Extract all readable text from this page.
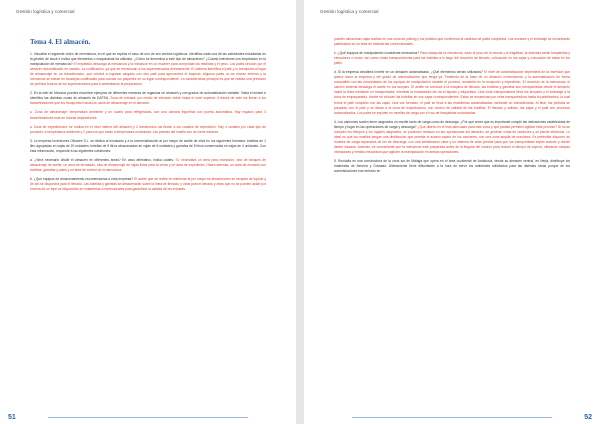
Gestión logística y comercial
Tema 4. El almacén.

1. Visualiza el siguiente vídeo de mercadona, en el que se explica el caso de uno de sus centros logísticos. Identifica cada una de las actividades estudiadas en la gestión de stock e indica que elementos o maquinarias ha utilizado. ¿Cómo se denomina a este tipo de almacenes? ¿Cuánto intervienen los empleados en la manipulación de mercancía? El empleado descarga la mercancía y la introduce en un escáner para comprobar las medidas y el peso. Los palés circulan por el almacén automatizado en cambio. La codificación, ya que se mencionan a los supermercados directamente. El sistema identifica el palé y lo transporta al lugar de almacenaje en un transelevador, que volverá a ingresar cargado con otro palé para aprovechar el trayecto. Algunos palés no se envían enteros y la mercancía se extrae en bandejas codificadas para colocar los paquetes en su lugar correspondiente. La característica principal es que se realiza una previsión de pedidos futuros de los supermercados para ir adelantando la preparación.

2. En la web de Mecalux puedes encontrar ejemplos de diferentes maneras de organizar un almacén y con grados de automatización variable. Visita el enlace e identifica las distintas zonas de almacén de DAFSA. Zona de entrada: por medio de elevador doble hasta el nivel superior. A través de este los llevan a los transelevadores que los transportan hasta los racks de almacenaje en el almacén.

● Zona de almacenaje: temperatura ambiente y un cuarto para refrigerados, con una cámara frigorífica con puerta automática. Hay espacio para 3 transelevadores más en futuras ampliaciones.

● Zona de expediciones: se realiza en el nivel inferior del almacén y 2 transbordos los llevan a los canales de expedición. Hay 4 canales por cada tipo de producto: a temperatura ambiente y 2 para los que están a temperatura controlada. Las puertas del muelle son de cierre estanco.

3. La empresa Inversiones Olivares S.L. se dedica al envasado y a la comercialización al por mayor de aceite de oliva en los siguientes formatos: botellas de 1 litro agrupadas en cajas de 20 unidades; botellas de 5 litros almacenadas en cajas de 6 unidades y garrafas de 5 litros conservadas en cajas de 4 unidades. Con esta información, responde a las siguientes cuestiones:

a. ¿Será necesario dividir el almacén en diferentes áreas? En caso afirmativo, indica cuáles. Sí, necesitará un área para recepción, otra de tanques de almacenaje de aceite, un área de envasado, otra de almacenaje de cajas listas para la venta y un área de expedición. Habrá además, un área de envases con botellas, garrafas y palés y un área de control de la mercancía.

b. ¿Qué equipos de almacenamiento recomendarías a esta empresa? El aceite que se recibe en cisternas al por mayor se almacenarán en tanques de líquido y de ahí se dispondrá para el llenado. Las botellas y garrafas se almacenarán sobre la línea de llenado, y otras para el llenado y otras que no se pueden apilar por encima de un tope se dispondrán en estanterías convencionales para garantizar la calidad de los envases.

51
Gestión logística y comercial

pueden almacenar cajas sueltas en una zona de picking y los pedidos que conforman la cantidad de palés completos. Los envases y el embalaje se encontrarán paletizados en un área de estanterías convencionales.

c. ¿Qué equipos de manipulación consideras necesarios? Para manipular la mercancía, dado el peso de la misma y la fragilidad, la obtenida serán traspaletas y elevadores o motor, así como cintas transportadoras para las botellas a lo largo del recorrido de llenado, colocación en las cajas y colocación de estas en los palés.

d. Si la empresa decidiera invertir en un almacén automatizado, ¿Qué elementos serían utilizados? El nivel de automatización dependerá de la inversión que quiera hacer la empresa y del grado de automatización que tenga ya. Partiendo de la base de un almacén convencional, y la automatización de forma compatible con las necesidades de los equipos de manipulación durante el proceso, aumentar en la recepción y expedición. El recorrido de la mercancía: el camión cisterna descarga el aceite en los tanques. El aceite se conduce a la máquina de llenado, las botellas y garrafas son transportadas desde el almacén hasta la línea mediante un transportador, mientras la envasadora les da el tapado y etiquetado. Una cinta transportadora lleva los envases y el embalaje a la zona de empaquetado, donde se colocan las botellas en sus cajas correspondientes. Estas se encaminan por cinta transportadora hasta la paletizadora, la cual forma el palé completo con las cajas. Una vez formado, el palé se lleva a las estanterías automatizadas mediante un transelevador. Al final, los pedidos se preparan con el palé y se llevan a la zona de expediciones, con control de calidad de las botellas. El llenado y sellado, las cajas y el palé son procesos automatizados. Los palés se expiden en muelles de carga con el uso de traspaletas motorizadas.

4. Los camiones suelen tener asignados un muelle tanto de carga como de descarga. ¿Por qué crees que es importante cumplir las indicaciones establecidas de tiempo y lugar en las operaciones de carga y descarga? ¿Qué diseño es el más adecuado para este zona y qué pautas permiten agilizar este proceso? Si no se cumplen los tiempos y los lugares asignados, se producen retrasos en las operaciones del almacén, se generan colas de camiones y se pierde eficiencia. Lo ideal es que los muelles tengan una distribución que permita el acceso rápido de los camiones, con una zona amplia de maniobra. Es preferible disponer de muelles de carga separados de los de descarga, con una señalización clara y un sistema de citas previas para que los transportistas sepan cuándo y dónde deben situarse. Además, es conveniente que la mercancía esté preparada antes de la llegada del camión para reducir el tiempo de espera, utilizando rampas niveladoras y medios mecánicos que agilicen la manipulación en ambas operaciones.

5. Rondalla es una constructora de la zona sur de Málaga que opera en el área occidental de Andalucía, desde su almacén central, en Nerja, distribuye los materiales de Almería y Granada. Últimamente tiene dificultades a la hora de servir los materiales solicitados para las distintas obras porque de los suministradores han entrado en

52
